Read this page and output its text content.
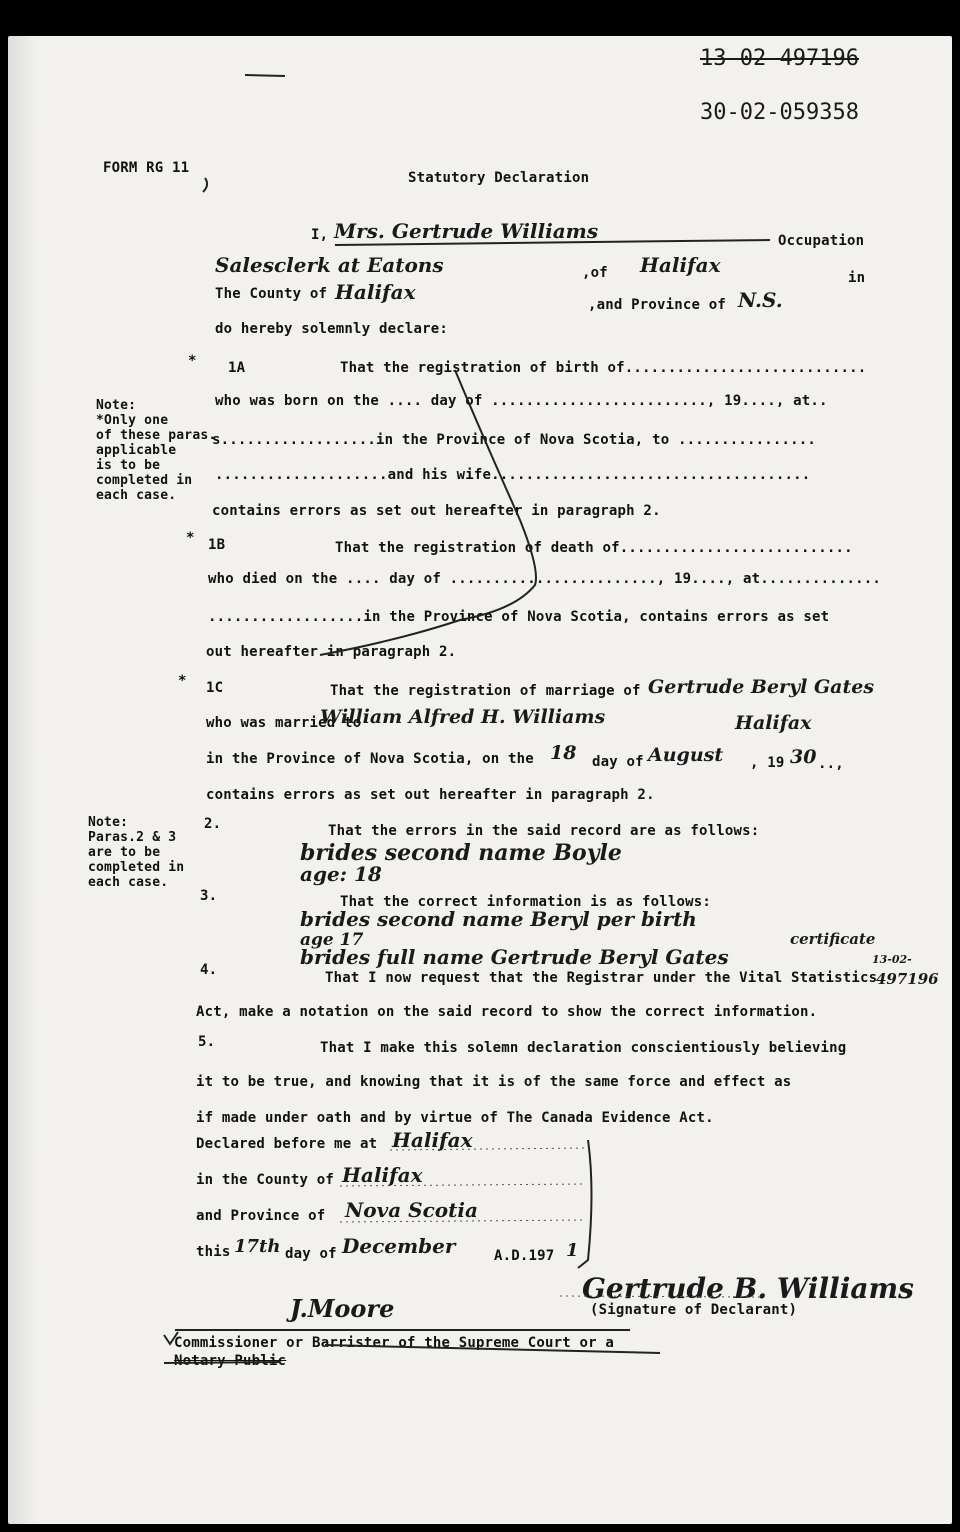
13-02-497196
30-02-059358
FORM RG 11
Statutory Declaration
I, Mrs. Gertrude Williams	Occupation
Salesclerk at Eatons	,of Halifax
in
The County of Halifax
,and Province of N.S.
do hereby solemnly declare:
Note:
*Only one
of these paras.
applicable
is to be
completed in
each case.
* 1A	That the registration of birth of............................
who was born on the .... day of ........................., 19...., at..
s..................in the Province of Nova Scotia, to ................
....................and his wife.....................................
contains errors as set out hereafter in paragraph 2.
* 1B	That the registration of death of...........................
who died on the .... day of ........................, 19...., at..............
..................in the Province of Nova Scotia, contains errors as set
out hereafter in paragraph 2.
* 1C	That the registration of marriage of Gertrude Beryl Gates
who was married to
William Alfred H. Williams	Halifax
in the Province of Nova Scotia, on the 18 day of August , 19 30 ..,
contains errors as set out hereafter in paragraph 2.
Note:
Paras.2 & 3
are to be
completed in
each case.
2.	That the errors in the said record are as follows:
brides second name Boyle
age: 18
3.	That the correct information is as follows:
brides second name Beryl per birth
certificate
age 17
brides full name Gertrude Beryl Gates	13-02-
497196
4.	That I now request that the Registrar under the Vital Statistics
Act, make a notation on the said record to show the correct information.
5.	That I make this solemn declaration conscientiously believing
it to be true, and knowing that it is of the same force and effect as
if made under oath and by virtue of The Canada Evidence Act.
Declared before me at Halifax
in the County of Halifax
and Province of Nova Scotia
this 17th day of December	A.D.197 1
Gertrude B. Williams
(Signature of Declarant)
J.Moore
Commissioner or Barrister of the Supreme Court or a
Notary Public
